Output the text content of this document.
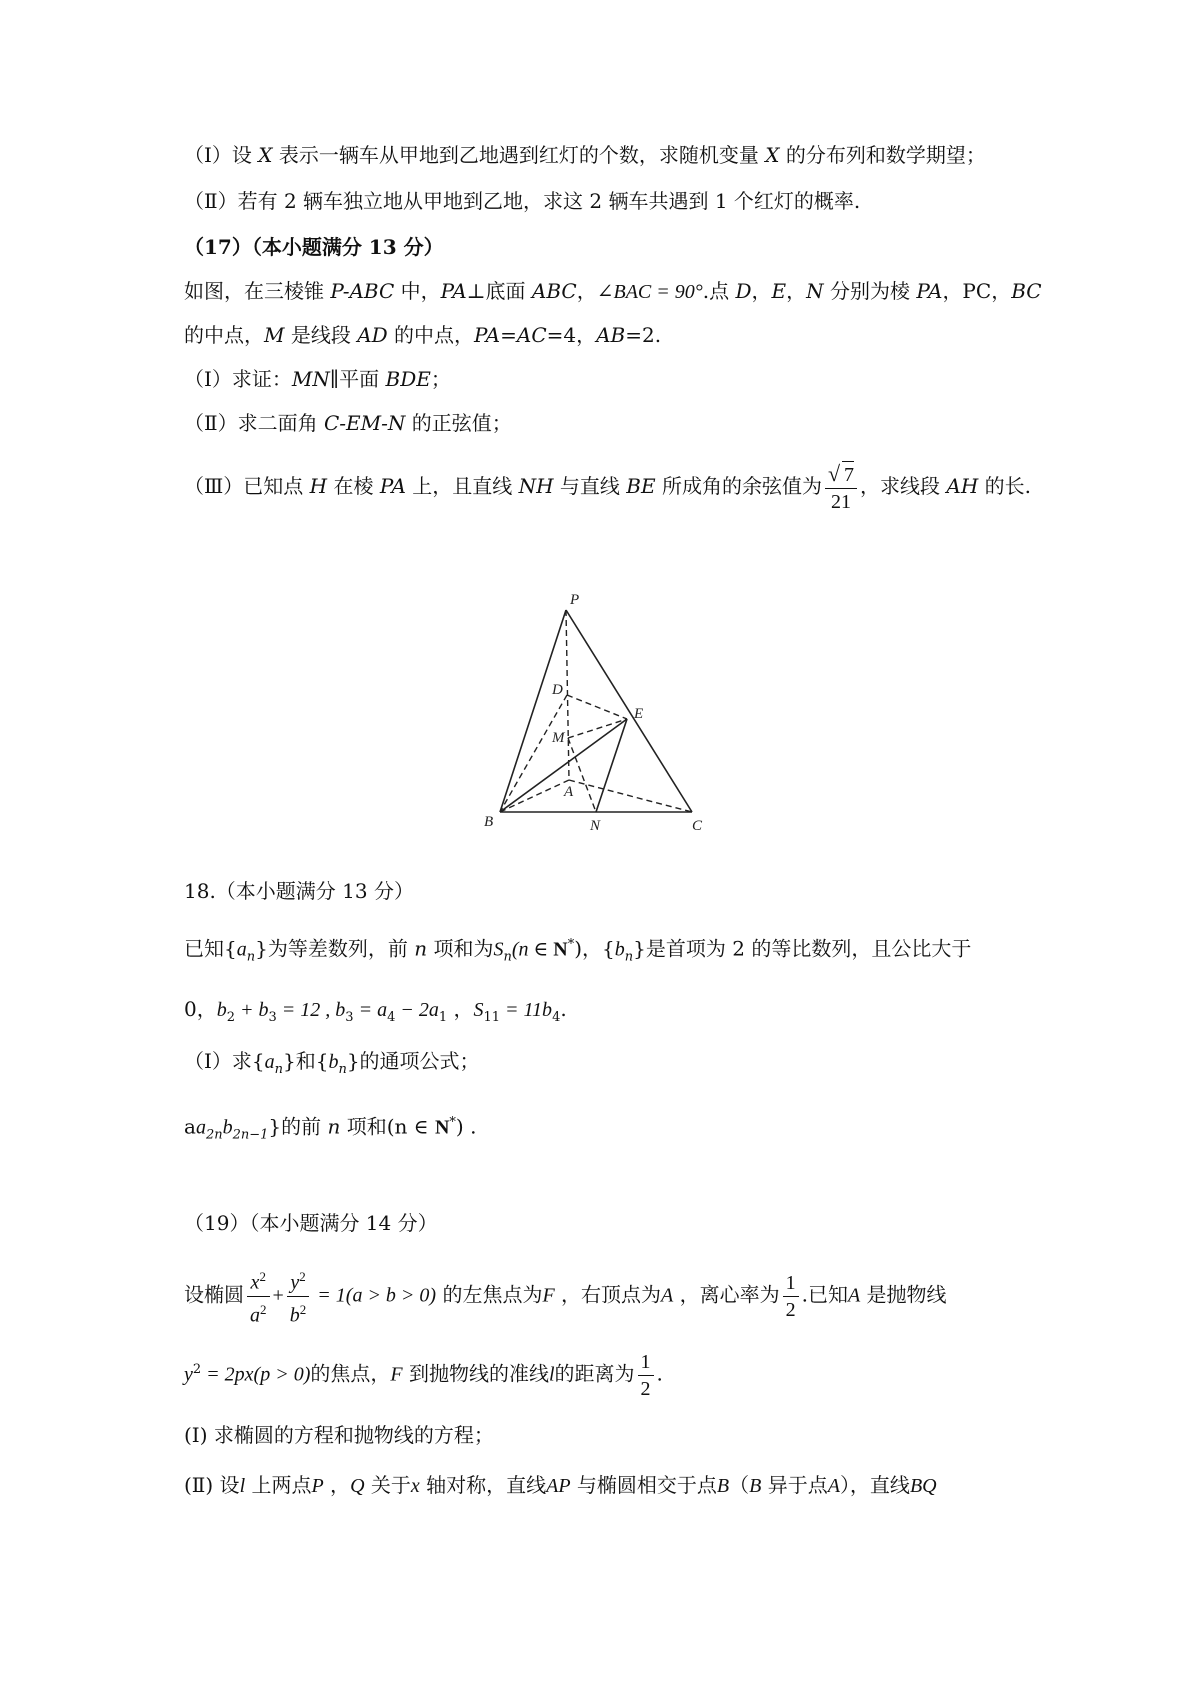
（Ⅰ）设 X 表示一辆车从甲地到乙地遇到红灯的个数，求随机变量 X 的分布列和数学期望；
（Ⅱ）若有 2 辆车独立地从甲地到乙地，求这 2 辆车共遇到 1 个红灯的概率.
（17）（本小题满分 13 分）
如图，在三棱锥 P-ABC 中，PA⊥底面 ABC，∠BAC = 90°.点 D，E，N 分别为棱 PA，PC，BC
的中点，M 是线段 AD 的中点，PA=AC=4，AB=2.
（Ⅰ）求证：MN∥平面 BDE；
（Ⅱ）求二面角 C-EM-N 的正弦值；
（Ⅲ）已知点 H 在棱 PA 上，且直线 NH 与直线 BE 所成角的余弦值为 $\frac{√ 7}{21}$ ，求线段 AH 的长.
P
D
E
M
A
B	N	C
18.（本小题满分 13 分）
已知$\{a_n\}$为等差数列，前 n 项和为$S_n(n$ ∈ N*)，$\{b_n\}$是首项为 2 的等比数列，且公比大于
0，$b_2 + b_3 = 12$ , $b_3 = a_4 - 2a_1$ ，$S_{11} = 11b_4$.
（Ⅰ）求$\{a_n\}$和$\{b_n\}$的通项公式；
$aa_{2n}b_{2n-1}$}的前 n 项和(n ∈ N*) .
（19）（本小题满分 14 分）
设椭圆 $\frac{x^2}{a^2} + \frac{y^2}{b^2} = 1(a > b > 0)$ 的左焦点为F ，右顶点为A ，离心率为 $\frac{1}{2}$ .已知A 是抛物线
$y^2 = 2px(p > 0)$的焦点，F 到抛物线的准线l的距离为 $\frac{1}{2}$ .
(Ⅰ) 求椭圆的方程和抛物线的方程；
(Ⅱ) 设l 上两点P ，Q 关于x 轴对称，直线AP 与椭圆相交于点B（B 异于点A），直线BQ
